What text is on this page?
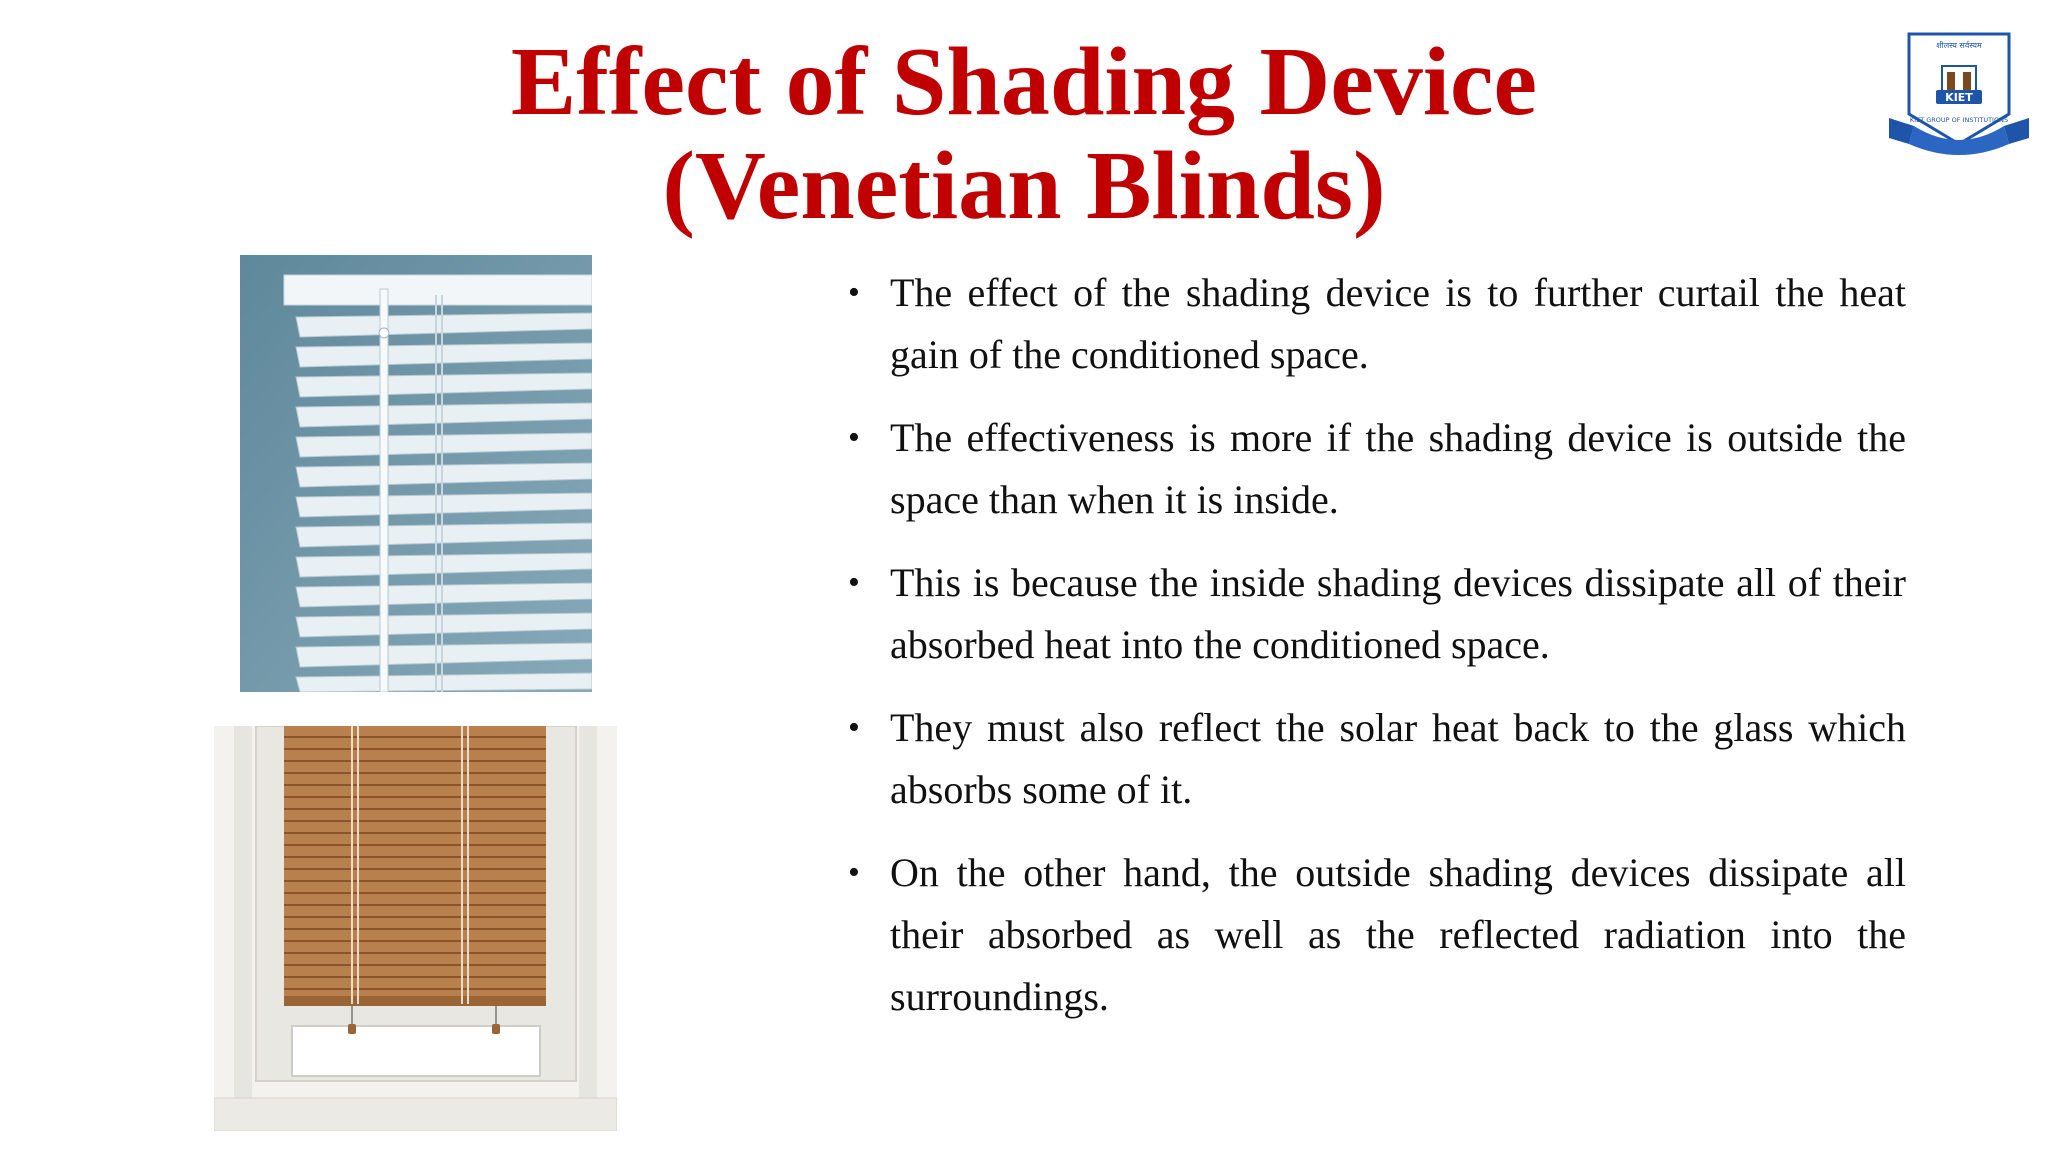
Effect of Shading Device
(Venetian Blinds)
शीलस्य सर्वस्यम
KIET
KIET GROUP OF INSTITUTIONS
• The effect of the shading device is to further curtail the heat gain of the conditioned space.
• The effectiveness is more if the shading device is outside the space than when it is inside.
• This is because the inside shading devices dissipate all of their absorbed heat into the conditioned space.
• They must also reflect the solar heat back to the glass which absorbs some of it.
• On the other hand, the outside shading devices dissipate all their absorbed as well as the reflected radiation into the surroundings.
